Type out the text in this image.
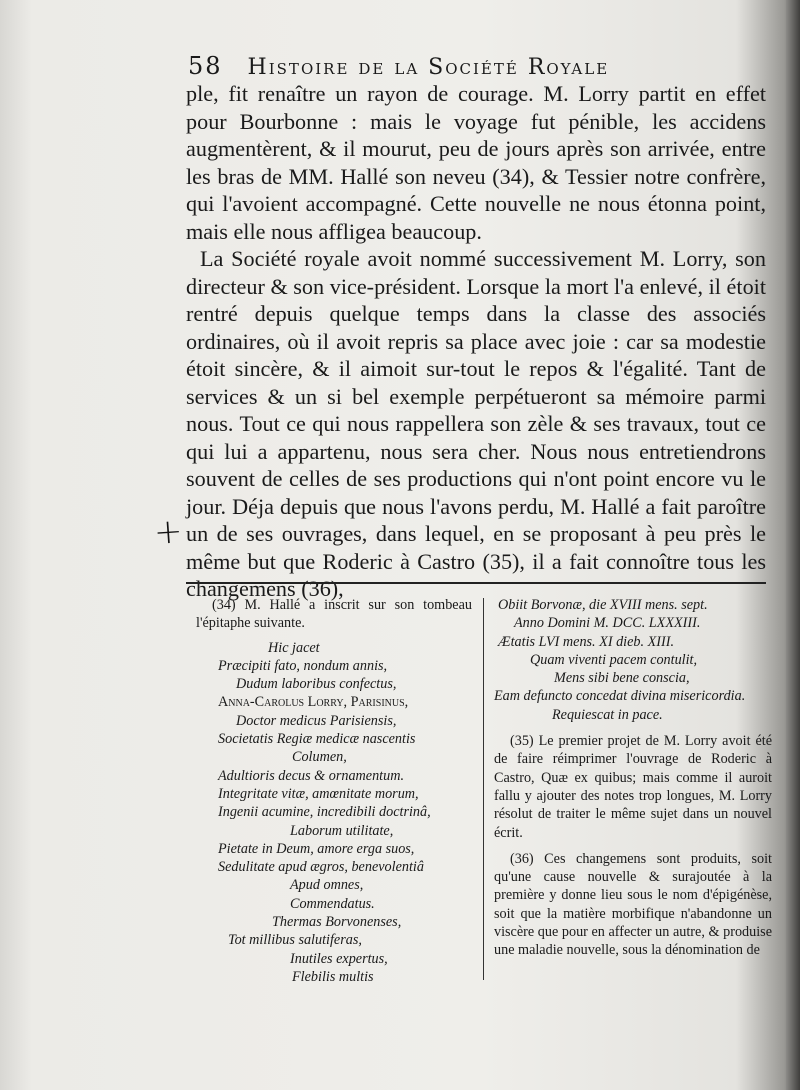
58 Histoire de la Société Royale

ple, fit renaître un rayon de courage. M. Lorry partit en effet pour Bourbonne : mais le voyage fut pénible, les accidens augmentèrent, & il mourut, peu de jours après son arrivée, entre les bras de MM. Hallé son neveu (34), & Tessier notre confrère, qui l'avoient accompagné. Cette nouvelle ne nous étonna point, mais elle nous affligea beaucoup.

La Société royale avoit nommé successivement M. Lorry, son directeur & son vice-président. Lorsque la mort l'a enlevé, il étoit rentré depuis quelque temps dans la classe des associés ordinaires, où il avoit repris sa place avec joie : car sa modestie étoit sincère, & il aimoit sur-tout le repos & l'égalité. Tant de services & un si bel exemple perpétueront sa mémoire parmi nous. Tout ce qui nous rappellera son zèle & ses travaux, tout ce qui lui a appartenu, nous sera cher. Nous nous entretiendrons souvent de celles de ses productions qui n'ont point encore vu le jour. Déja depuis que nous l'avons perdu, M. Hallé a fait paroître un de ses ouvrages, dans lequel, en se proposant à peu près le même but que Roderic à Castro (35), il a fait connoître tous les changemens (36),

+

(34) M. Hallé a inscrit sur son tombeau l'épitaphe suivante.

Hic jacet

Præcipiti fato, nondum annis,

Dudum laboribus confectus,

Anna-Carolus Lorry, Parisinus,

Doctor medicus Parisiensis,

Societatis Regiæ medicæ nascentis

Columen,

Adultioris decus & ornamentum.

Integritate vitæ, amœnitate morum,

Ingenii acumine, incredibili doctrinâ,

Laborum utilitate,

Pietate in Deum, amore erga suos,

Sedulitate apud ægros, benevolentiâ

Apud omnes,

Commendatus.

Thermas Borvonenses,

Tot millibus salutiferas,

Inutiles expertus,

Flebilis multis

Obiit Borvonæ, die XVIII mens. sept.

Anno Domini M. DCC. LXXXIII.

Ætatis LVI mens. XI dieb. XIII.

Quam viventi pacem contulit,

Mens sibi bene conscia,

Eam defuncto concedat divina misericordia.

Requiescat in pace.

(35) Le premier projet de M. Lorry avoit été de faire réimprimer l'ouvrage de Roderic à Castro, Quæ ex quibus; mais comme il auroit fallu y ajouter des notes trop longues, M. Lorry résolut de traiter le même sujet dans un nouvel écrit.

(36) Ces changemens sont produits, soit qu'une cause nouvelle & surajoutée à la première y donne lieu sous le nom d'épigénèse, soit que la matière morbifique n'abandonne un viscère que pour en affecter un autre, & produise une maladie nouvelle, sous la dénomination de
